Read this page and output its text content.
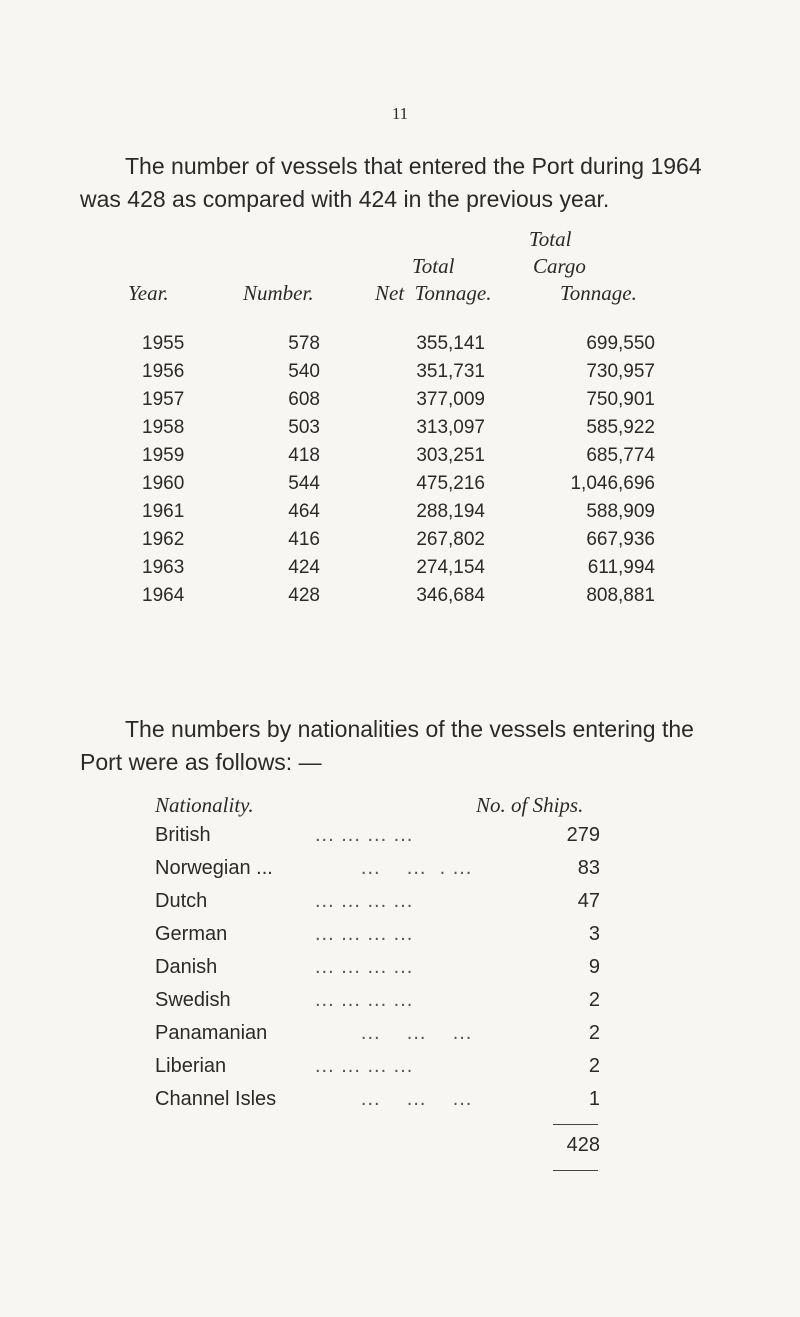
11
The number of vessels that entered the Port during 1964
was 428 as compared with 424 in the previous year.
Total
Total	Cargo
Year.	Number.	Net  Tonnage.	Tonnage.
1955	578	355,141	699,550
1956	540	351,731	730,957
1957	608	377,009	750,901
1958	503	313,097	585,922
1959	418	303,251	685,774
1960	544	475,216	1,046,696
1961	464	288,194	588,909
1962	416	267,802	667,936
1963	424	274,154	611,994
1964	428	346,684	808,881
The numbers by nationalities of the vessels entering the
Port were as follows: —
Nationality.	No. of Ships.
British	... ... ... ...	279
Norwegian ... ...    ...  . ...	83
Dutch	... ... ... ...	47
German	... ... ... ...	3
Danish	... ... ... ...	9
Swedish	... ... ... ...	2
Panamanian ...    ...    ...	2
Liberian	... ... ... ...	2
Channel Isles ...    ...    ...	1
428
